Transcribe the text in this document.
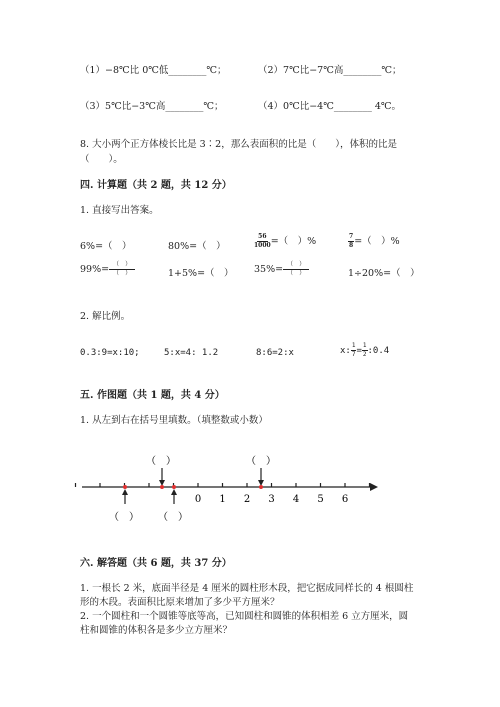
（1）−8℃比 0℃低________℃；	（2）7℃比−7℃高________℃；
（3）5℃比−3℃高________℃；	（4）0℃比−4℃________ 4℃。
8. 大小两个正方体棱长比是 3∶2，那么表面积的比是（　　），体积的比是
（　　）。
四. 计算题（共 2 题，共 12 分）
1. 直接写出答案。
6%=（　）	80%=（　）	$\frac{56}{1000}$ =（　）%	$\frac{7}{8}$ =（　）%
$99\%= \frac{( )}{( )}$	1+5%=（　） $35\%= \frac{( )}{( )}$	1÷20%=（　）
2. 解比例。
0.3:9=x:10;	5:x=4: 1.2	8:6=2:x	x: $\frac{1}{7} = \frac{1}{2}$ :0.4
五. 作图题（共 1 题，共 4 分）
1. 从左到右在括号里填数。（填整数或小数）
0 1 2 3 4 5 6
（　）	（　）
（　） （　）
六. 解答题（共 6 题，共 37 分）
1. 一根长 2 米，底面半径是 4 厘米的圆柱形木段，把它据成同样长的 4 根圆柱
形的木段。表面积比原来增加了多少平方厘米？
2. 一个圆柱和一个圆锥等底等高，已知圆柱和圆锥的体积相差 6 立方厘米，圆
柱和圆锥的体积各是多少立方厘米？
